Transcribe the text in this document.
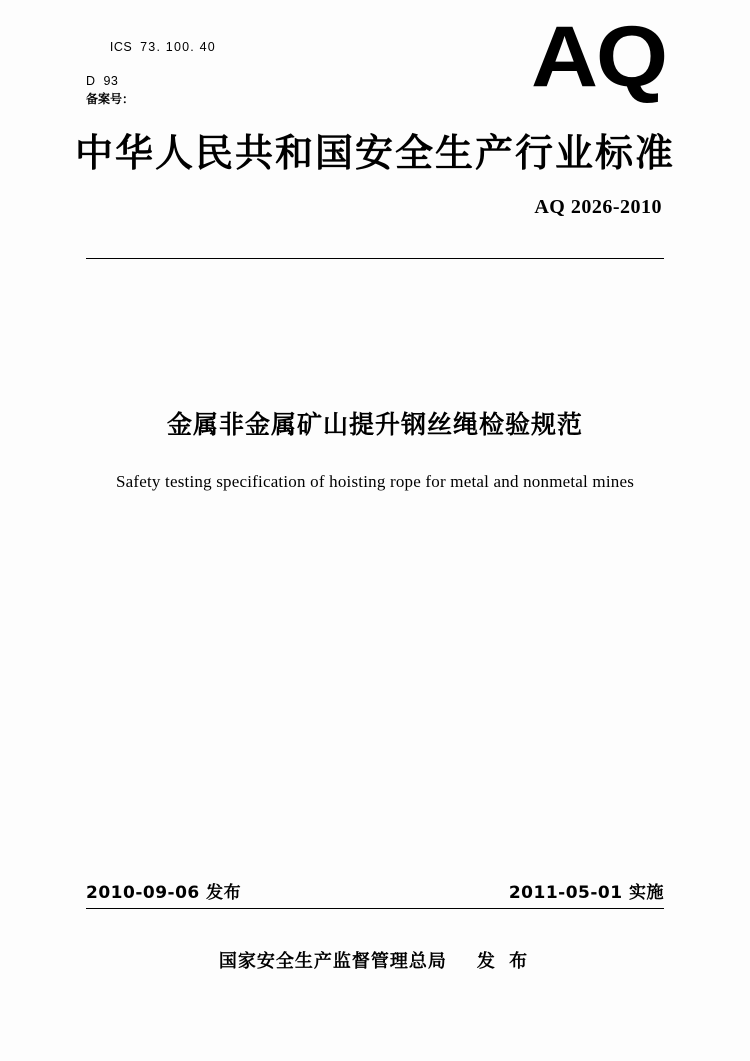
ICS 73. 100. 40

D  93
备案号：	AQ
中华人民共和国安全生产行业标准
AQ 2026-2010
金属非金属矿山提升钢丝绳检验规范
Safety testing specification of hoisting rope for metal and nonmetal mines
2010-09-06 发布	2011-05-01 实施
国家安全生产监督管理总局 发 布
